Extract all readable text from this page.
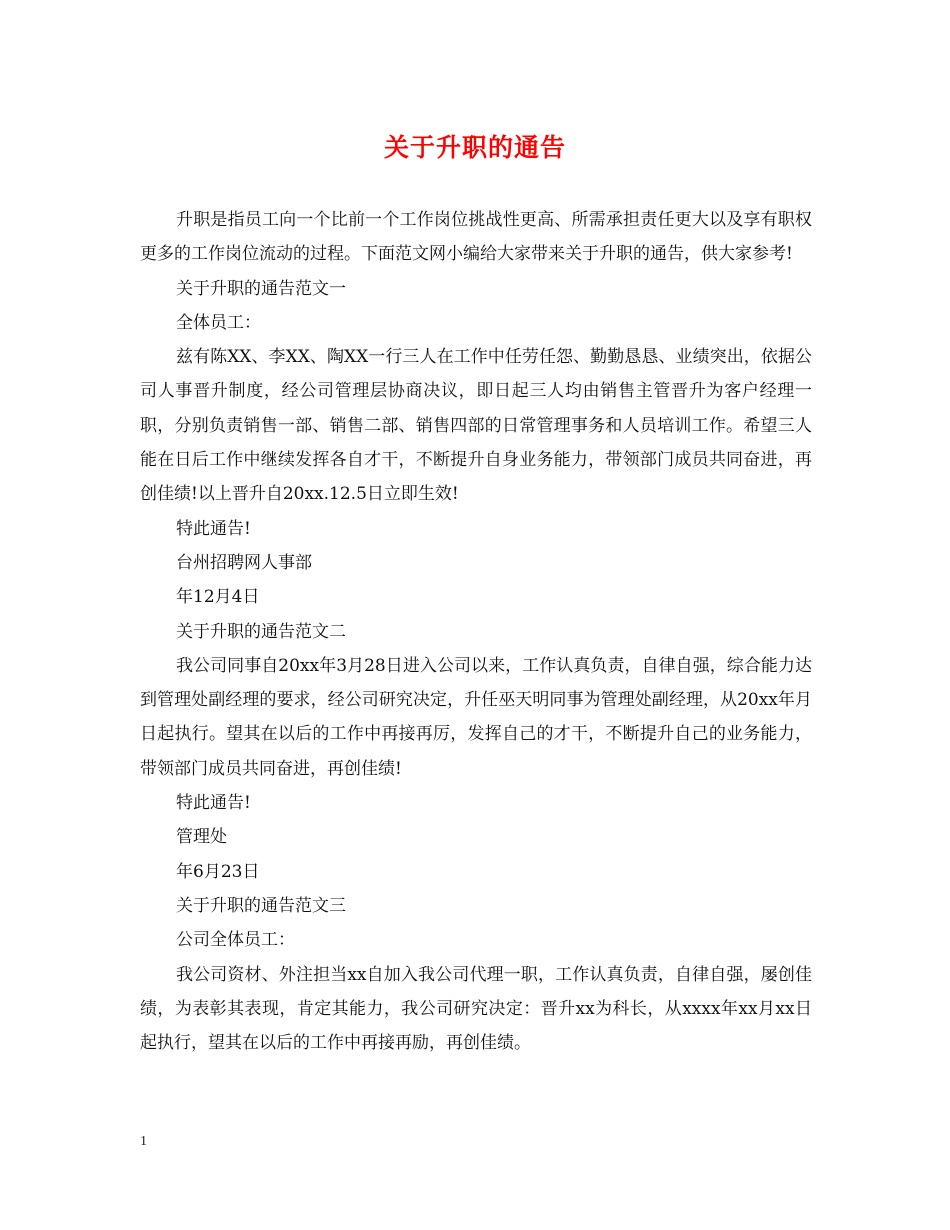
关于升职的通告

升职是指员工向一个比前一个工作岗位挑战性更高、所需承担责任更大以及享有职权更多的工作岗位流动的过程。下面范文网小编给大家带来关于升职的通告，供大家参考!

关于升职的通告范文一

全体员工：

兹有陈XX、李XX、陶XX一行三人在工作中任劳任怨、勤勤恳恳、业绩突出，依据公司人事晋升制度，经公司管理层协商决议，即日起三人均由销售主管晋升为客户经理一职，分别负责销售一部、销售二部、销售四部的日常管理事务和人员培训工作。希望三人能在日后工作中继续发挥各自才干，不断提升自身业务能力，带领部门成员共同奋进，再创佳绩!以上晋升自20xx.12.5日立即生效!

特此通告!

台州招聘网人事部

年12月4日

关于升职的通告范文二

我公司同事自20xx年3月28日进入公司以来，工作认真负责，自律自强，综合能力达到管理处副经理的要求，经公司研究决定，升任巫天明同事为管理处副经理，从20xx年月日起执行。望其在以后的工作中再接再厉，发挥自己的才干，不断提升自己的业务能力，带领部门成员共同奋进，再创佳绩!

特此通告!

管理处

年6月23日

关于升职的通告范文三

公司全体员工：

我公司资材、外注担当xx自加入我公司代理一职，工作认真负责，自律自强，屡创佳绩，为表彰其表现，肯定其能力，我公司研究决定：晋升xx为科长，从xxxx年xx月xx日起执行，望其在以后的工作中再接再励，再创佳绩。

1
